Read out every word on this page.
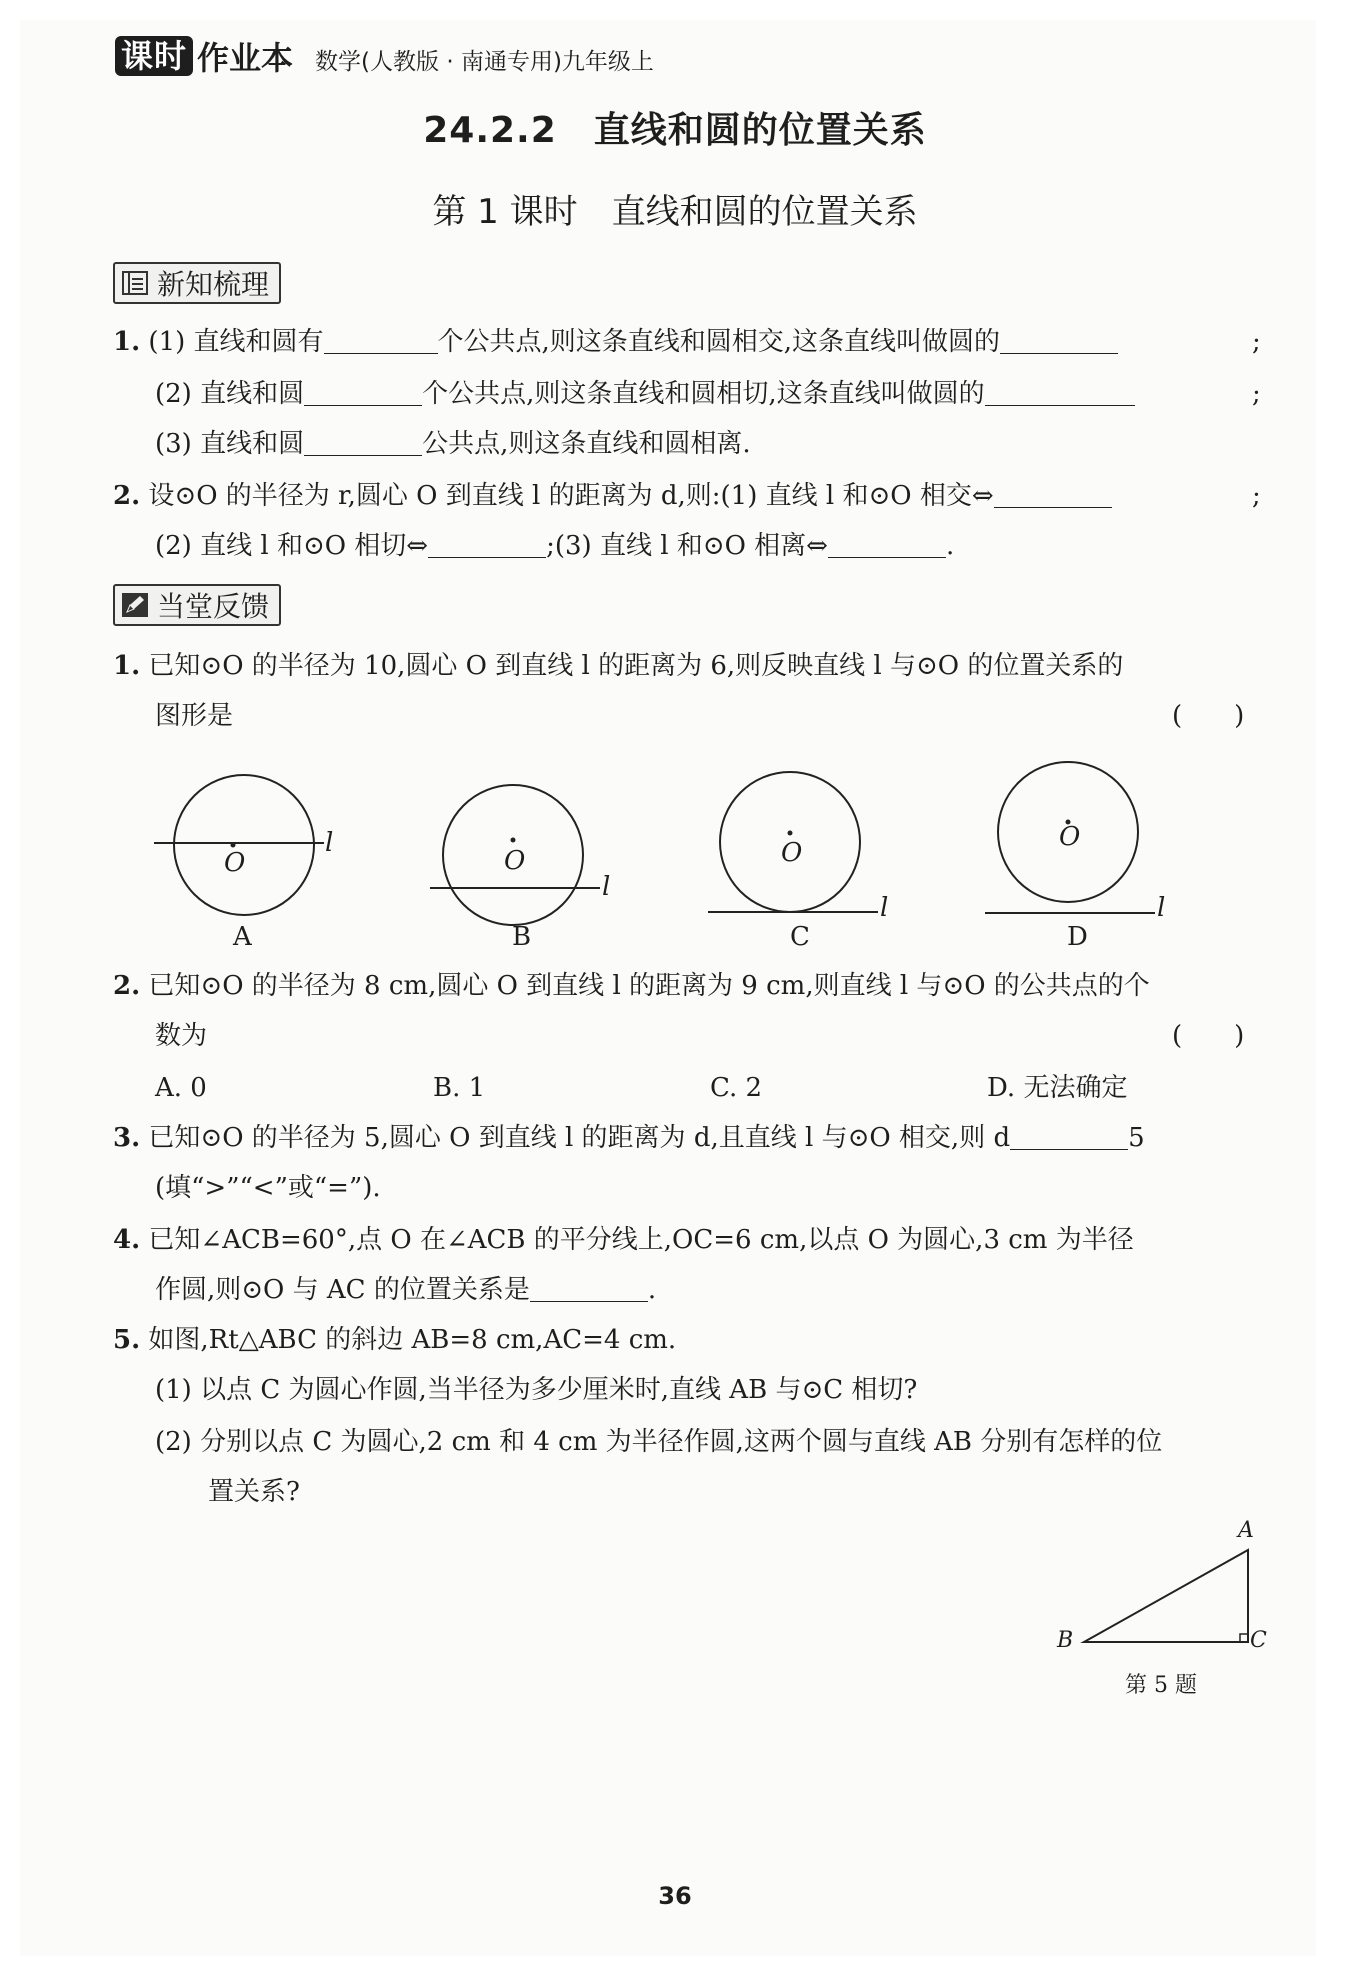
课时 作业本 数学(人教版 · 南通专用)九年级上
24.2.2　直线和圆的位置关系
第 1 课时　直线和圆的位置关系
新知梳理
1. (1) 直线和圆有	个公共点,则这条直线和圆相交,这条直线叫做圆的	;
(2) 直线和圆	个公共点,则这条直线和圆相切,这条直线叫做圆的	;
(3) 直线和圆	公共点,则这条直线和圆相离.
2. 设⊙O 的半径为 r,圆心 O 到直线 l 的距离为 d,则:(1) 直线 l 和⊙O 相交⇔	;
(2) 直线 l 和⊙O 相切⇔	;(3) 直线 l 和⊙O 相离⇔	.
当堂反馈
1. 已知⊙O 的半径为 10,圆心 O 到直线 l 的距离为 6,则反映直线 l 与⊙O 的位置关系的
图形是	(　　)
O
l
A
O
l
B
O
l
C
O
l
D
2. 已知⊙O 的半径为 8 cm,圆心 O 到直线 l 的距离为 9 cm,则直线 l 与⊙O 的公共点的个
数为	(　　)
A. 0	B. 1	C. 2	D. 无法确定
3. 已知⊙O 的半径为 5,圆心 O 到直线 l 的距离为 d,且直线 l 与⊙O 相交,则 d	5
(填“>”“<”或“=”).
4. 已知∠ACB=60°,点 O 在∠ACB 的平分线上,OC=6 cm,以点 O 为圆心,3 cm 为半径
作圆,则⊙O 与 AC 的位置关系是	.
5. 如图,Rt△ABC 的斜边 AB=8 cm,AC=4 cm.
(1) 以点 C 为圆心作圆,当半径为多少厘米时,直线 AB 与⊙C 相切?
(2) 分别以点 C 为圆心,2 cm 和 4 cm 为半径作圆,这两个圆与直线 AB 分别有怎样的位
置关系?
A
B	C
第 5 题
36
